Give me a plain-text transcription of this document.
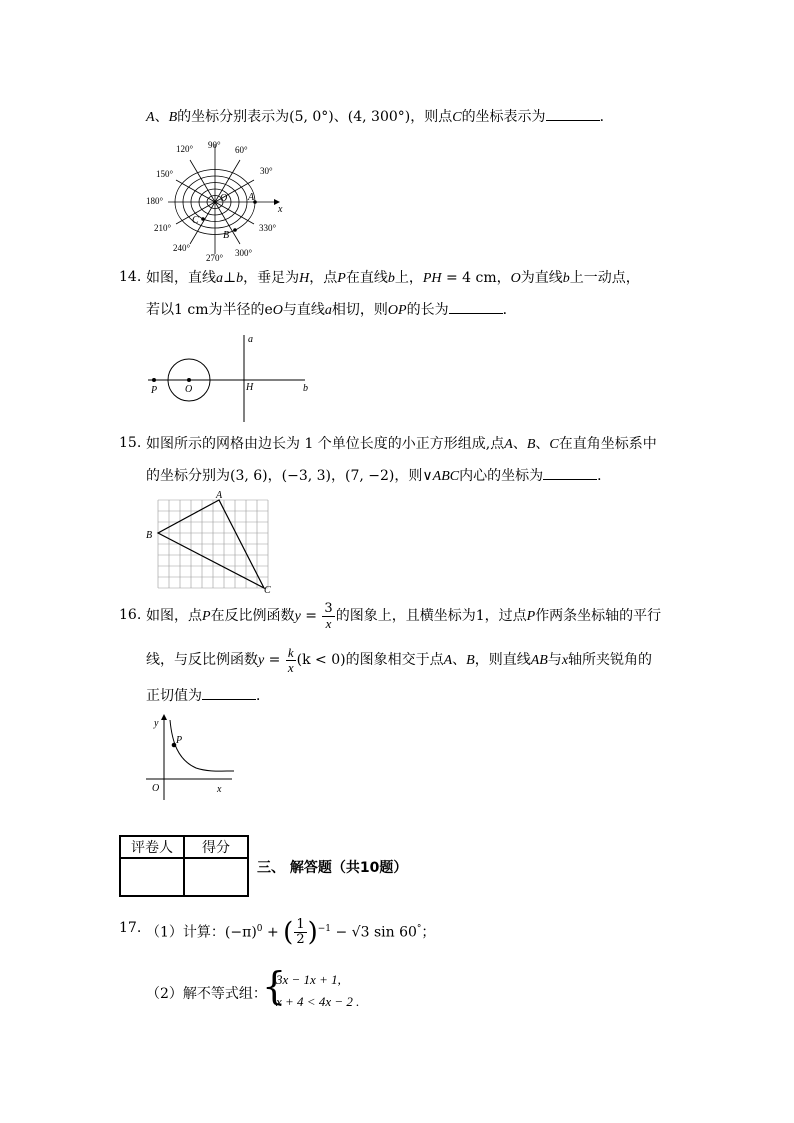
A、B的坐标分别表示为(5, 0°)、(4, 300°)，则点C的坐标表示为	．
120° 90° 60°
30°
150°
180°
210°
240°
270° 300°
330°
O A
B
C
x
14. 如图，直线a⊥b，垂足为H，点P在直线b上，PH = 4 cm，O为直线b上一动点，
若以1 cm为半径的eO与直线a相切，则OP的长为	．
a
P	O	H	b
15. 如图所示的网格由边长为 1 个单位长度的小正方形组成,点A、B、C在直角坐标系中
的坐标分别为(3, 6)，(−3, 3)，(7, −2)，则∨ABC内心的坐标为	．
A
B
C
16. 如图，点P在反比例函数$y = \frac{3}{x}$ 的图象上，且横坐标为1，过点P作两条坐标轴的平行
线，与反比例函数$y = \frac{k}{x} (k < 0)$的图象相交于点A、B，则直线AB与x轴所夹锐角的
正切值为	．
y
P
O	x
评卷人	得分

三、 解答题（共10题）
17. （1）计算：$(-\pi)^0$ + ( $\frac{1}{2} )^{-1} - √3$ sin 60°；
（2）解不等式组：
{
3x − 1x + 1,
x + 4 < 4x − 2 .
